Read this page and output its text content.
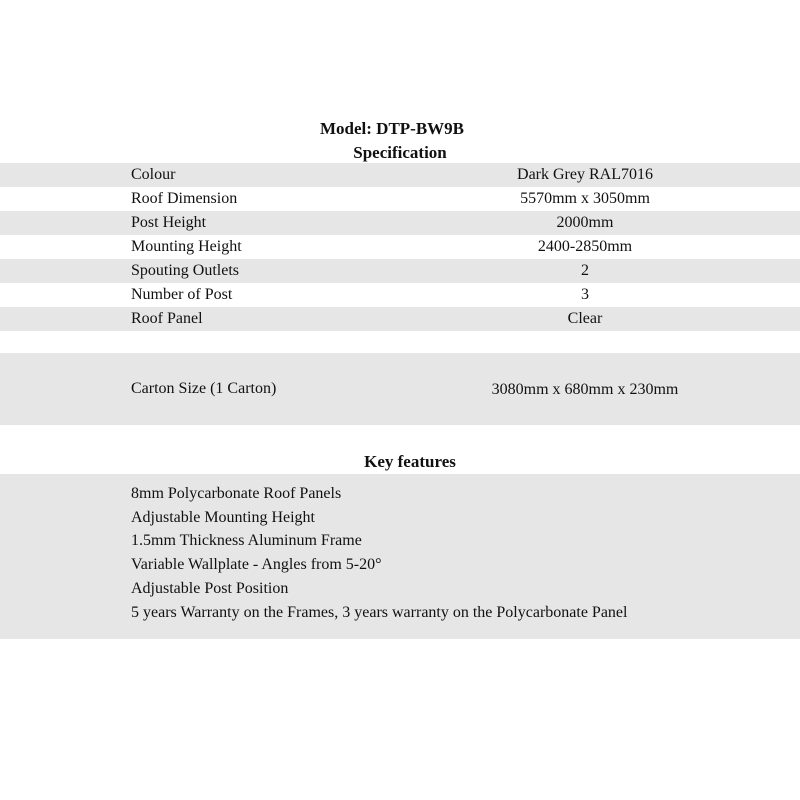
Model: DTP-BW9B
Specification
Colour	Dark Grey RAL7016
Roof Dimension	5570mm x 3050mm
Post Height	2000mm
Mounting Height	2400-2850mm
Spouting Outlets	2
Number of Post	3
Roof Panel	Clear
Carton Size (1 Carton)	3080mm x 680mm x 230mm
Key features
8mm Polycarbonate Roof Panels
Adjustable Mounting Height
1.5mm Thickness Aluminum Frame
Variable Wallplate - Angles from 5-20°
Adjustable Post Position
5 years Warranty on the Frames, 3 years warranty on the Polycarbonate Panel
